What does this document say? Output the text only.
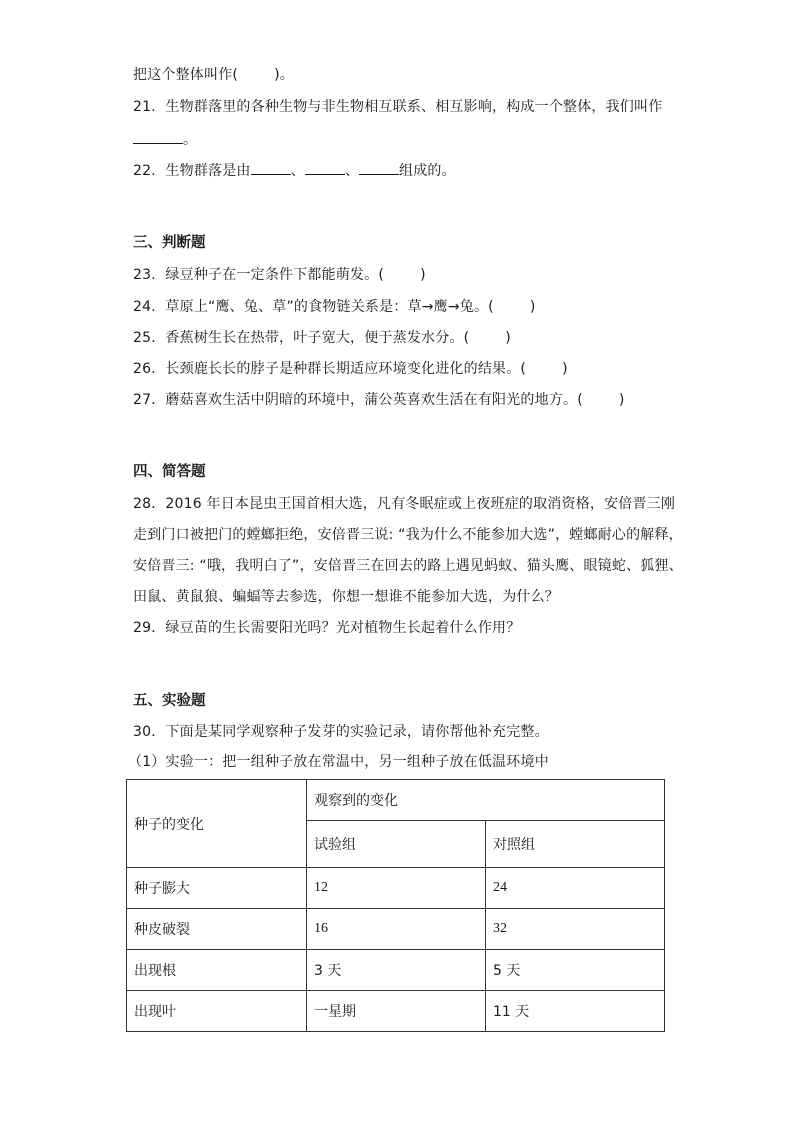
把这个整体叫作(	)。
21．生物群落里的各种生物与非生物相互联系、相互影响，构成一个整体，我们叫作
。
22．生物群落是由	、	、	组成的。
三、判断题
23．绿豆种子在一定条件下都能萌发。(	)
24．草原上“鹰、兔、草”的食物链关系是：草→鹰→兔。(	)
25．香蕉树生长在热带，叶子宽大，便于蒸发水分。(	)
26．长颈鹿长长的脖子是种群长期适应环境变化进化的结果。(	)
27．蘑菇喜欢生活中阴暗的环境中，蒲公英喜欢生活在有阳光的地方。(	)
四、简答题
28．2016 年日本昆虫王国首相大选，凡有冬眠症或上夜班症的取消资格，安倍晋三刚
走到门口被把门的螳螂拒绝，安倍晋三说: “我为什么不能参加大选”，螳螂耐心的解释，
安倍晋三: “哦，我明白了”，安倍晋三在回去的路上遇见蚂蚁、猫头鹰、眼镜蛇、狐狸、
田鼠、黄鼠狼、蝙蝠等去参选，你想一想谁不能参加大选，为什么？
29．绿豆苗的生长需要阳光吗？光对植物生长起着什么作用？
五、实验题
30．下面是某同学观察种子发芽的实验记录，请你帮他补充完整。
（1）实验一：把一组种子放在常温中，另一组种子放在低温环境中
种子的变化	观察到的变化	
	试验组	对照组
种子膨大	12	24
种皮破裂	16	32
出现根	3 天	5 天
出现叶	一星期	11 天
